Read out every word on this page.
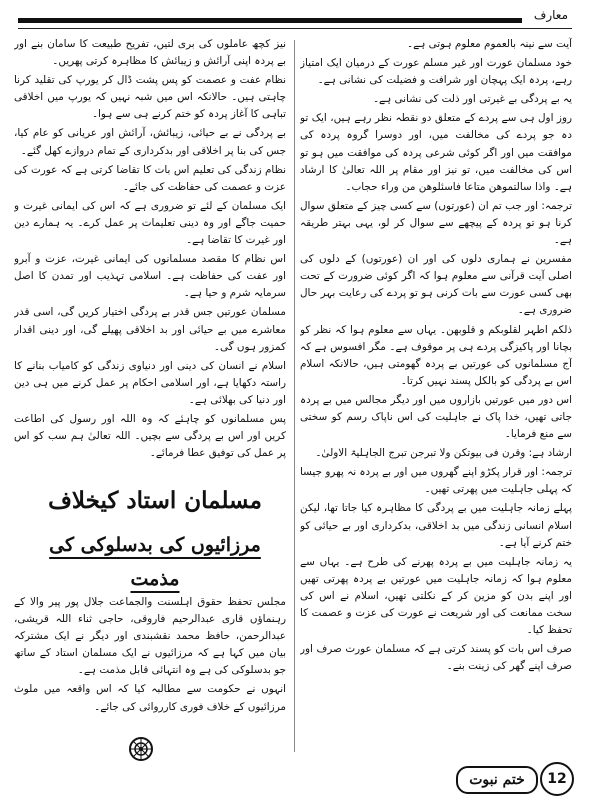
معارف

آیت سے نینہ بالعموم معلوم ہوتی ہے۔

خود مسلمان عورت اور غیر مسلم عورت کے درمیان ایک امتیاز رہے، پردہ ایک پہچان اور شرافت و فضیلت کی نشانی ہے۔

یہ بے پردگی بے غیرتی اور ذلت کی نشانی ہے۔

روز اول ہی سے پردے کے متعلق دو نقطہ نظر رہے ہیں، ایک تو دہ جو پردے کی مخالفت میں، اور دوسرا گروہ پردہ کی موافقت میں اور اگر کوئی شرعی پردہ کی موافقت میں ہو تو اس کی مخالفت میں، تو نیز اور مقام پر اللہ تعالیٰ کا ارشاد ہے۔ واذا سالتموھن متاعا فاسئلوھن من وراء حجاب۔

ترجمہ: اور جب تم ان (عورتوں) سے کسی چیز کے متعلق سوال کرنا ہو تو پردہ کے پیچھے سے سوال کر لو، یہی بہتر طریقہ ہے۔

مفسرین نے ہماری دلوں کی اور ان (عورتوں) کے دلوں کی اصلی آیت قرآنی سے معلوم ہوا کہ اگر کوئی ضرورت کے تحت بھی کسی عورت سے بات کرنی ہو تو پردے کی رعایت بہر حال ضروری ہے۔

ذلکم اطہر لقلوبکم و قلوبھن۔ یہاں سے معلوم ہوا کہ نظر کو بچانا اور پاکیزگی پردے ہی پر موقوف ہے۔ مگر افسوس ہے کہ آج مسلمانوں کی عورتیں بے پردہ گھومتی ہیں، حالانکہ اسلام اس بے پردگی کو بالکل پسند نہیں کرتا۔

اس دور میں عورتیں بازاروں میں اور دیگر مجالس میں بے پردہ جاتی تھیں، خدا پاک نے جاہلیت کی اس ناپاک رسم کو سختی سے منع فرمایا۔

ارشاد ہے: وقرن فی بیوتکن ولا تبرجن تبرج الجاہلیۃ الاولیٰ۔

ترجمہ: اور قرار پکڑو اپنے گھروں میں اور بے پردہ نہ پھرو جیسا کہ پہلی جاہلیت میں پھرتی تھیں۔

پہلے زمانہ جاہلیت میں بے پردگی کا مظاہرہ کیا جاتا تھا، لیکن اسلام انسانی زندگی میں بد اخلاقی، بدکرداری اور بے حیائی کو ختم کرنے آیا ہے۔

یہ زمانہ جاہلیت میں بے پردہ پھرنے کی طرح ہے۔ یہاں سے معلوم ہوا کہ زمانہ جاہلیت میں عورتیں بے پردہ پھرتی تھیں اور اپنے بدن کو مزین کر کے نکلتی تھیں، اسلام نے اس کی سخت ممانعت کی اور شریعت نے عورت کی عزت و عصمت کا تحفظ کیا۔

صرف اس بات کو پسند کرتی ہے کہ مسلمان عورت صرف اور صرف اپنے گھر کی زینت بنے۔

نیز کچھ عاملوں کی بری لتیں، تفریح طبیعت کا سامان بنے اور بے پردہ اپنی آرائش و زیبائش کا مظاہرہ کرتی پھریں۔

نظام عفت و عصمت کو پس پشت ڈال کر یورپ کی تقلید کرنا چاہتی ہیں۔ حالانکہ اس میں شبہ نہیں کہ یورپ میں اخلاقی تباہی کا آغاز پردہ کو ختم کرنے ہی سے ہوا۔

بے پردگی نے بے حیائی، زیبائش، آرائش اور عریانی کو عام کیا، جس کی بنا پر اخلاقی اور بدکرداری کے تمام دروازے کھل گئے۔

نظام زندگی کی تعلیم اس بات کا تقاضا کرتی ہے کہ عورت کی عزت و عصمت کی حفاظت کی جائے۔

ایک مسلمان کے لئے تو ضروری ہے کہ اس کی ایمانی غیرت و حمیت جاگے اور وہ دینی تعلیمات پر عمل کرے۔ یہ ہمارے دین اور غیرت کا تقاضا ہے۔

اس نظام کا مقصد مسلمانوں کی ایمانی غیرت، عزت و آبرو اور عفت کی حفاظت ہے۔ اسلامی تہذیب اور تمدن کا اصل سرمایہ شرم و حیا ہے۔

مسلمان عورتیں جس قدر بے پردگی اختیار کریں گی، اسی قدر معاشرے میں بے حیائی اور بد اخلاقی پھیلے گی، اور دینی اقدار کمزور ہوں گی۔

اسلام نے انسان کی دینی اور دنیاوی زندگی کو کامیاب بنانے کا راستہ دکھایا ہے، اور اسلامی احکام پر عمل کرنے میں ہی دین اور دنیا کی بھلائی ہے۔

پس مسلمانوں کو چاہئے کہ وہ اللہ اور رسول کی اطاعت کریں اور اس بے پردگی سے بچیں۔ اللہ تعالیٰ ہم سب کو اس پر عمل کی توفیق عطا فرمائے۔

مسلمان استاد کیخلاف
مرزائیوں کی بدسلوکی کی مذمت

مجلس تحفظ حقوق اہلسنت والجماعت جلال پور پیر والا کے رہنماؤں قاری عبدالرحیم فاروقی، حاجی ثناء اللہ قریشی، عبدالرحمن، حافظ محمد نقشبندی اور دیگر نے ایک مشترکہ بیان میں کہا ہے کہ مرزائیوں نے ایک مسلمان استاد کے ساتھ جو بدسلوکی کی ہے وہ انتہائی قابل مذمت ہے۔

انہوں نے حکومت سے مطالبہ کیا کہ اس واقعہ میں ملوث مرزائیوں کے خلاف فوری کارروائی کی جائے۔

ختم نبوت	12
